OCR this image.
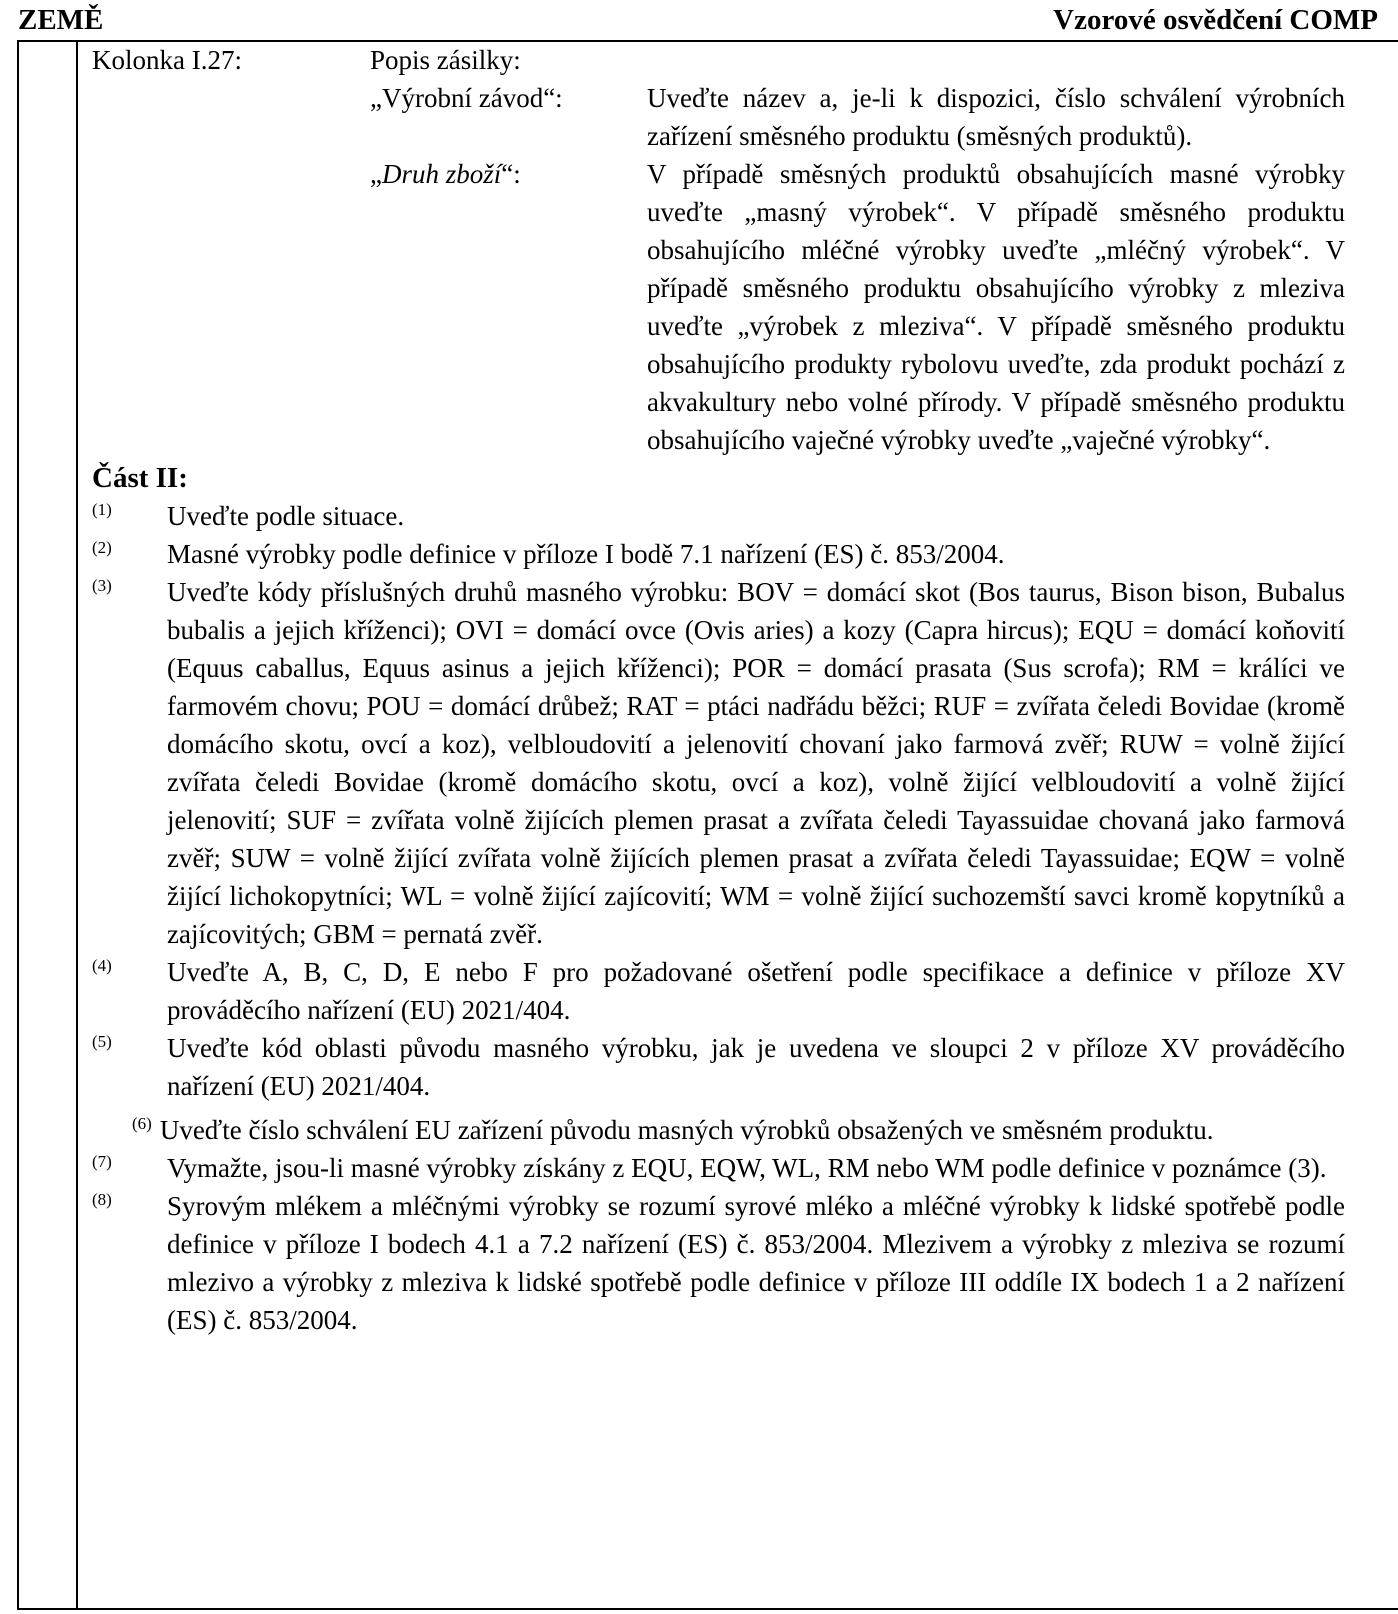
ZEMĚ	Vzorové osvědčení COMP
Kolonka I.27:	Popis zásilky:
„Výrobní závod“:	Uveďte název a, je-li k dispozici, číslo schválení výrobních zařízení směsného produktu (směsných produktů).
„Druh zboží“:	V případě směsných produktů obsahujících masné výrobky uveďte „masný výrobek“. V případě směsného produktu obsahujícího mléčné výrobky uveďte „mléčný výrobek“. V případě směsného produktu obsahujícího výrobky z mleziva uveďte „výrobek z mleziva“. V případě směsného produktu obsahujícího produkty rybolovu uveďte, zda produkt pochází z akvakultury nebo volné přírody. V případě směsného produktu obsahujícího vaječné výrobky uveďte „vaječné výrobky“.
Část II:
(1) Uveďte podle situace.
(2) Masné výrobky podle definice v příloze I bodě 7.1 nařízení (ES) č. 853/2004.
(3) Uveďte kódy příslušných druhů masného výrobku: BOV = domácí skot (Bos taurus, Bison bison, Bubalus bubalis a jejich kříženci); OVI = domácí ovce (Ovis aries) a kozy (Capra hircus); EQU = domácí koňovití (Equus caballus, Equus asinus a jejich kříženci); POR = domácí prasata (Sus scrofa); RM = králíci ve farmovém chovu; POU = domácí drůbež; RAT = ptáci nadřádu běžci; RUF = zvířata čeledi Bovidae (kromě domácího skotu, ovcí a koz), velbloudovití a jelenovití chovaní jako farmová zvěř; RUW = volně žijící zvířata čeledi Bovidae (kromě domácího skotu, ovcí a koz), volně žijící velbloudovití a volně žijící jelenovití; SUF = zvířata volně žijících plemen prasat a zvířata čeledi Tayassuidae chovaná jako farmová zvěř; SUW = volně žijící zvířata volně žijících plemen prasat a zvířata čeledi Tayassuidae; EQW = volně žijící lichokopytníci; WL = volně žijící zajícovití; WM = volně žijící suchozemští savci kromě kopytníků a zajícovitých; GBM = pernatá zvěř.
(4) Uveďte A, B, C, D, E nebo F pro požadované ošetření podle specifikace a definice v příloze XV prováděcího nařízení (EU) 2021/404.
(5) Uveďte kód oblasti původu masného výrobku, jak je uvedena ve sloupci 2 v příloze XV prováděcího nařízení (EU) 2021/404.
$^{(6)}$ Uveďte číslo schválení EU zařízení původu masných výrobků obsažených ve směsném produktu.
(7) Vymažte, jsou-li masné výrobky získány z EQU, EQW, WL, RM nebo WM podle definice v poznámce (3).
(8) Syrovým mlékem a mléčnými výrobky se rozumí syrové mléko a mléčné výrobky k lidské spotřebě podle definice v příloze I bodech 4.1 a 7.2 nařízení (ES) č. 853/2004. Mlezivem a výrobky z mleziva se rozumí mlezivo a výrobky z mleziva k lidské spotřebě podle definice v příloze III oddíle IX bodech 1 a 2 nařízení (ES) č. 853/2004.
